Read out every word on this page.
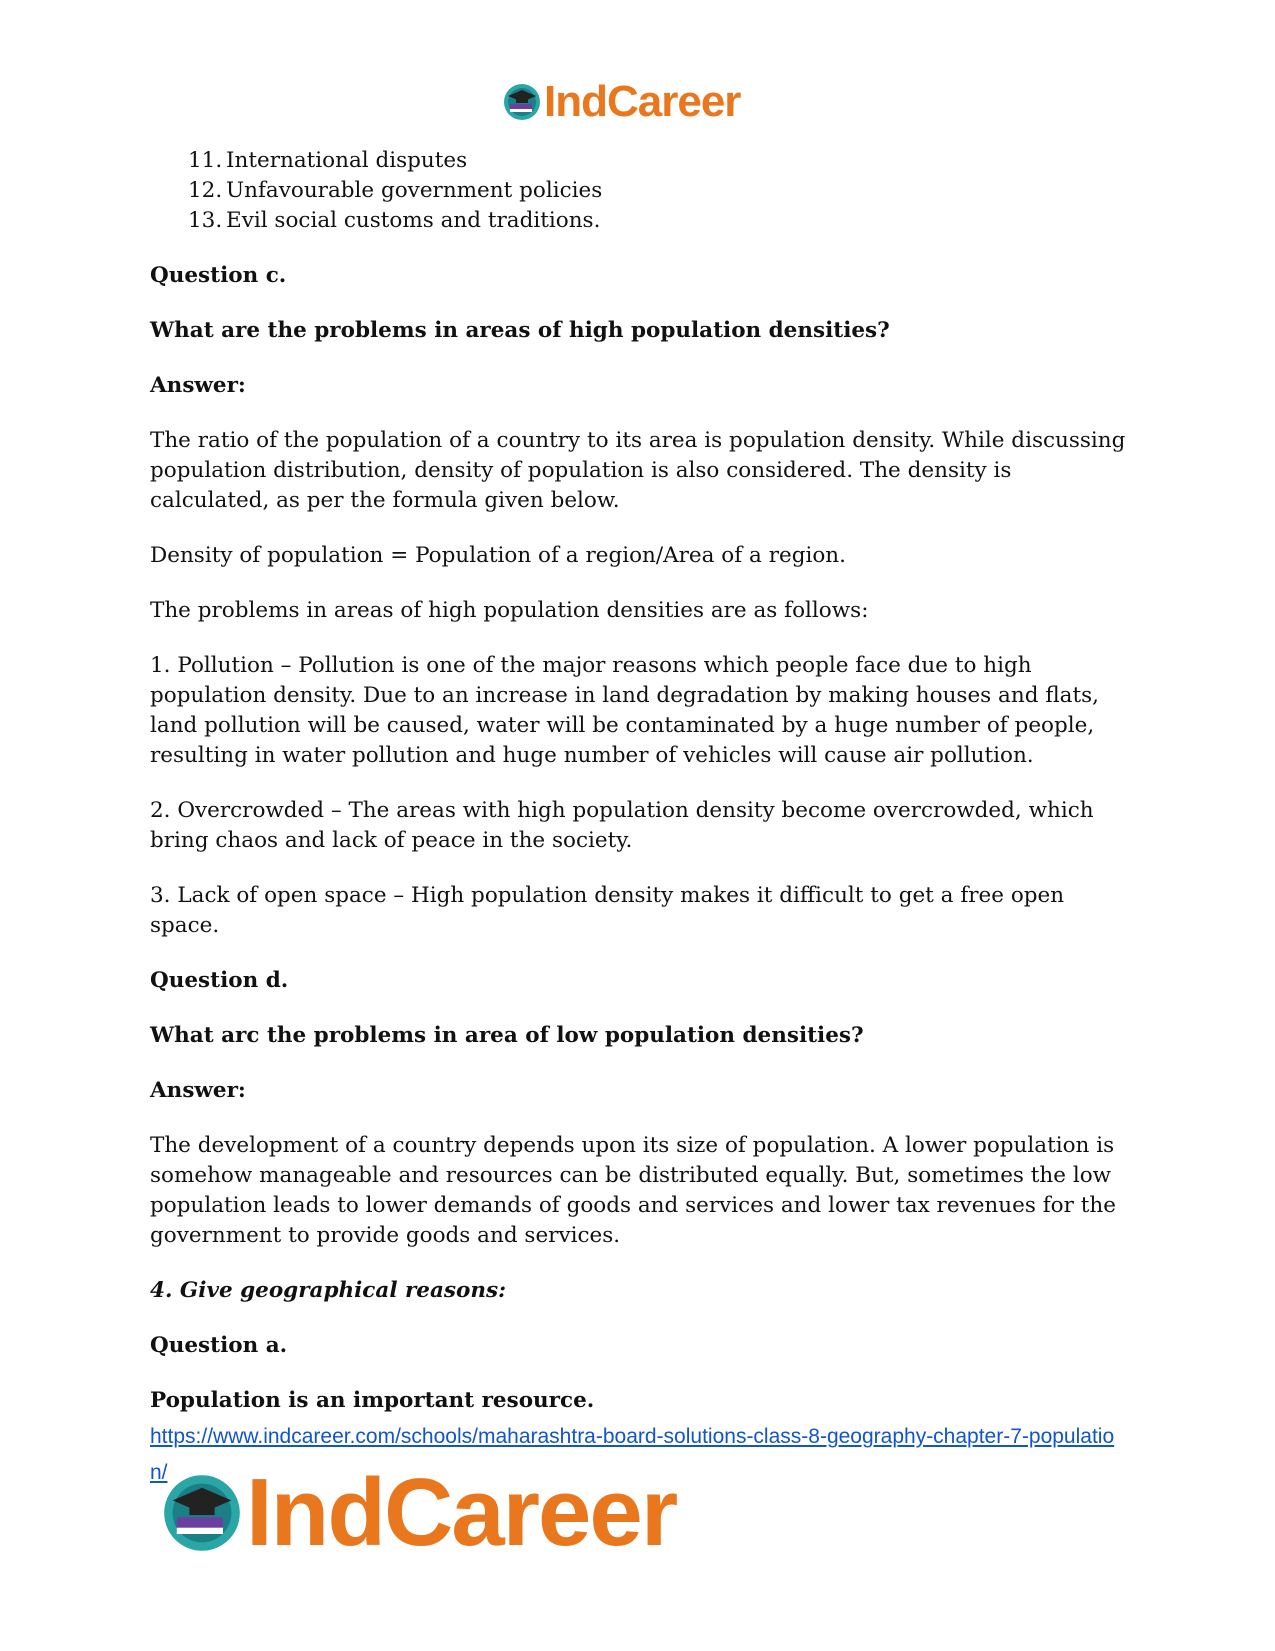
IndCareer
11. International disputes
12. Unfavourable government policies
13. Evil social customs and traditions.

Question c.

What are the problems in areas of high population densities?

Answer:

The ratio of the population of a country to its area is population density. While discussing population distribution, density of population is also considered. The density is calculated, as per the formula given below.

Density of population = Population of a region/Area of a region.

The problems in areas of high population densities are as follows:

1. Pollution – Pollution is one of the major reasons which people face due to high population density. Due to an increase in land degradation by making houses and flats, land pollution will be caused, water will be contaminated by a huge number of people, resulting in water pollution and huge number of vehicles will cause air pollution.

2. Overcrowded – The areas with high population density become overcrowded, which bring chaos and lack of peace in the society.

3. Lack of open space – High population density makes it difficult to get a free open space.

Question d.

What arc the problems in area of low population densities?

Answer:

The development of a country depends upon its size of population. A lower population is somehow manageable and resources can be distributed equally. But, sometimes the low population leads to lower demands of goods and services and lower tax revenues for the government to provide goods and services.

4. Give geographical reasons:

Question a.

Population is an important resource.

https://www.indcareer.com/schools/maharashtra-board-solutions-class-8-geography-chapter-7-population/ IndCareer
